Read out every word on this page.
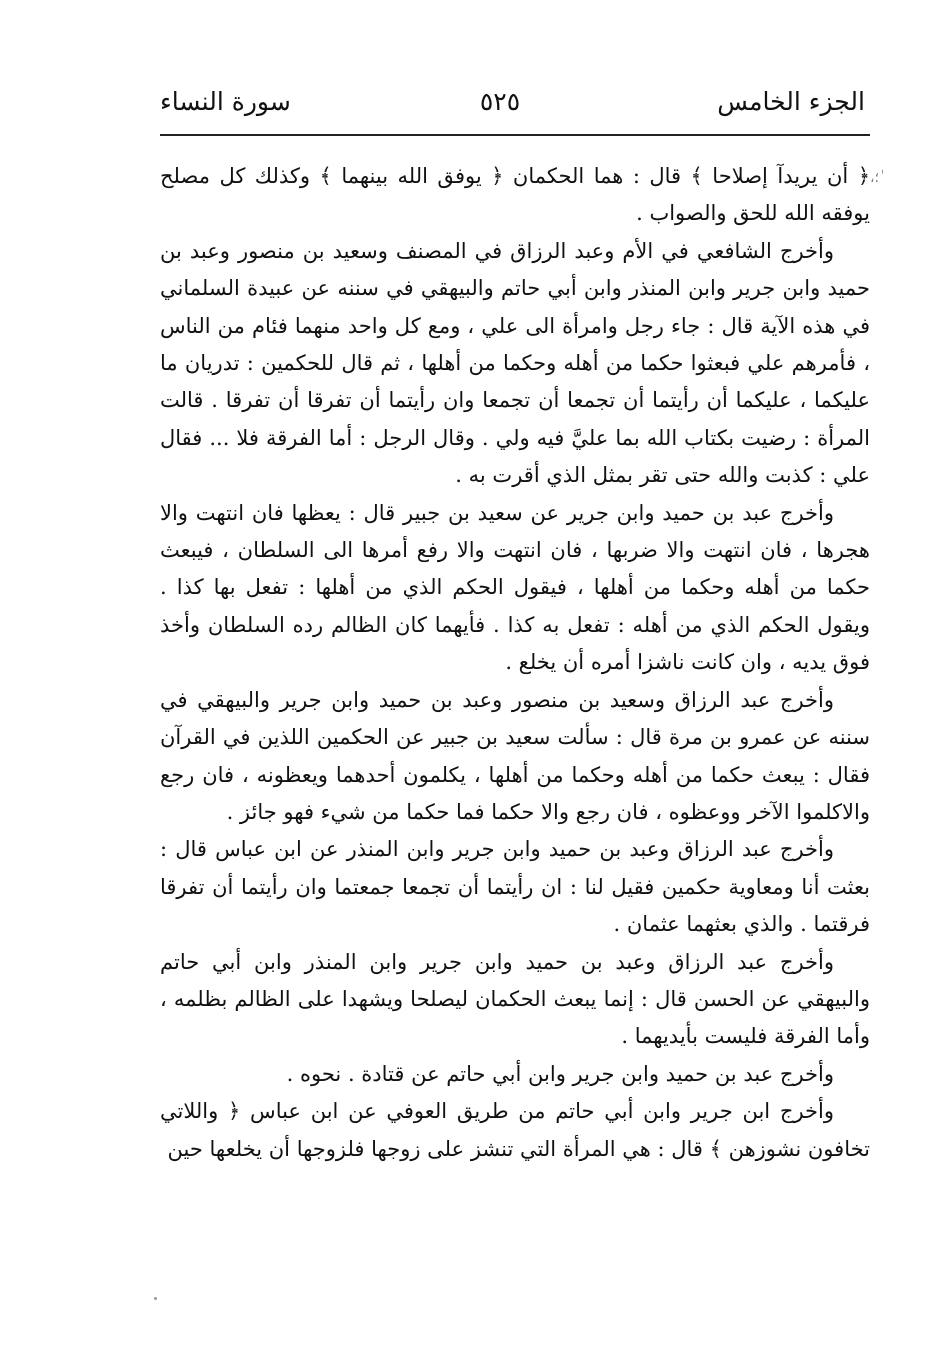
الجزء الخامس
٥٢٥
سورة النساء
،؛ ٰ

﴿ أن يريدآ إصلاحا ﴾ قال : هما الحكمان ﴿ يوفق الله بينهما ﴾ وكذلك كل مصلح يوفقه الله للحق والصواب .

وأخرج الشافعي في الأم وعبد الرزاق في المصنف وسعيد بن منصور وعبد بن حميد وابن جرير وابن المنذر وابن أبي حاتم والبيهقي في سننه عن عبيدة السلماني في هذه الآية قال : جاء رجل وامرأة الى علي ، ومع كل واحد منهما فئام من الناس ، فأمرهم علي فبعثوا حكما من أهله وحكما من أهلها ، ثم قال للحكمين : تدريان ما عليكما ، عليكما أن رأيتما أن تجمعا أن تجمعا وان رأيتما أن تفرقا أن تفرقا . قالت المرأة : رضيت بكتاب الله بما عليَّ فيه ولي . وقال الرجل : أما الفرقة فلا ... فقال علي : كذبت والله حتى تقر بمثل الذي أقرت به .

وأخرج عبد بن حميد وابن جرير عن سعيد بن جبير قال : يعظها فان انتهت والا هجرها ، فان انتهت والا ضربها ، فان انتهت والا رفع أمرها الى السلطان ، فيبعث حكما من أهله وحكما من أهلها ، فيقول الحكم الذي من أهلها : تفعل بها كذا . ويقول الحكم الذي من أهله : تفعل به كذا . فأيهما كان الظالم رده السلطان وأخذ فوق يديه ، وان كانت ناشزا أمره أن يخلع .

وأخرج عبد الرزاق وسعيد بن منصور وعبد بن حميد وابن جرير والبيهقي في سننه عن عمرو بن مرة قال : سألت سعيد بن جبير عن الحكمين اللذين في القرآن فقال : يبعث حكما من أهله وحكما من أهلها ، يكلمون أحدهما ويعظونه ، فان رجع والاكلموا الآخر ووعظوه ، فان رجع والا حكما فما حكما من شيء فهو جائز .

وأخرج عبد الرزاق وعبد بن حميد وابن جرير وابن المنذر عن ابن عباس قال : بعثت أنا ومعاوية حكمين فقيل لنا : ان رأيتما أن تجمعا جمعتما وان رأيتما أن تفرقا فرقتما . والذي بعثهما عثمان .

وأخرج عبد الرزاق وعبد بن حميد وابن جرير وابن المنذر وابن أبي حاتم والبيهقي عن الحسن قال : إنما يبعث الحكمان ليصلحا ويشهدا على الظالم بظلمه ، وأما الفرقة فليست بأيديهما .

وأخرج عبد بن حميد وابن جرير وابن أبي حاتم عن قتادة . نحوه .

وأخرج ابن جرير وابن أبي حاتم من طريق العوفي عن ابن عباس ﴿ واللاتي تخافون نشوزهن ﴾ قال : هي المرأة التي تنشز على زوجها فلزوجها أن يخلعها حين
